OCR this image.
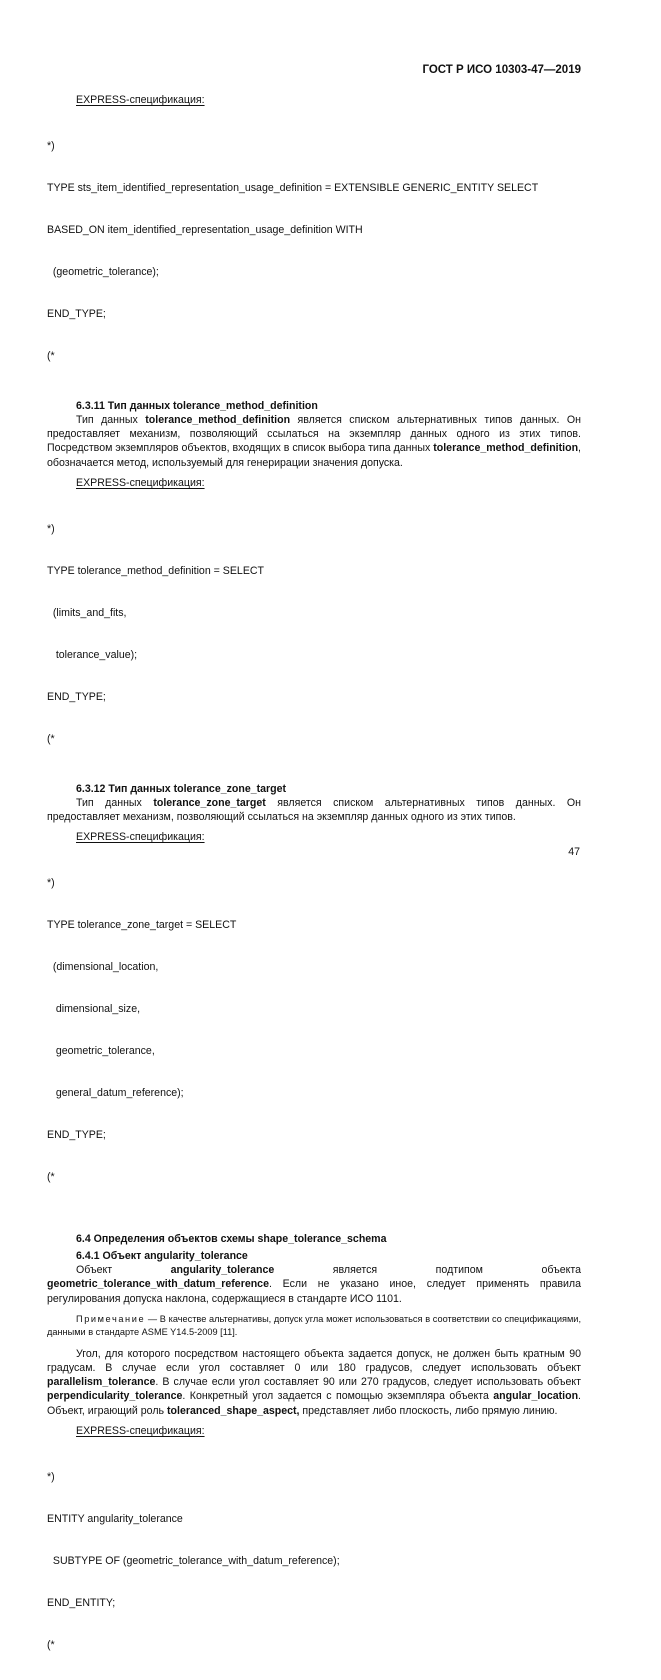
ГОСТ Р ИСО 10303-47—2019
EXPRESS-спецификация:

*)

TYPE sts_item_identified_representation_usage_definition = EXTENSIBLE GENERIC_ENTITY SELECT

BASED_ON item_identified_representation_usage_definition WITH

(geometric_tolerance);

END_TYPE;

(*

6.3.11 Тип данных tolerance_method_definition

Тип данных tolerance_method_definition является списком альтернативных типов данных. Он предоставляет механизм, позволяющий ссылаться на экземпляр данных одного из этих типов. Посредством экземпляров объектов, входящих в список выбора типа данных tolerance_method_definition, обозначается метод, используемый для генерирации значения допуска.

EXPRESS-спецификация:

*)

TYPE tolerance_method_definition = SELECT

(limits_and_fits,

tolerance_value);

END_TYPE;

(*

6.3.12 Тип данных tolerance_zone_target

Тип данных tolerance_zone_target является списком альтернативных типов данных. Он предоставляет механизм, позволяющий ссылаться на экземпляр данных одного из этих типов.

EXPRESS-спецификация:

*)

TYPE tolerance_zone_target = SELECT

(dimensional_location,

dimensional_size,

geometric_tolerance,

general_datum_reference);

END_TYPE;

(*

6.4 Определения объектов схемы shape_tolerance_schema
6.4.1 Объект angularity_tolerance

Объект angularity_tolerance является подтипом объекта geometric_tolerance_with_datum_reference. Если не указано иное, следует применять правила регулирования допуска наклона, содержащиеся в стандарте ИСО 1101.

Примечание — В качестве альтернативы, допуск угла может использоваться в соответствии со спецификациями, данными в стандарте ASME Y14.5-2009 [11].

Угол, для которого посредством настоящего объекта задается допуск, не должен быть кратным 90 градусам. В случае если угол составляет 0 или 180 градусов, следует использовать объект parallelism_tolerance. В случае если угол составляет 90 или 270 градусов, следует использовать объект perpendicularity_tolerance. Конкретный угол задается с помощью экземпляра объекта angular_location. Объект, играющий роль toleranced_shape_aspect, представляет либо плоскость, либо прямую линию.

EXPRESS-спецификация:

*)

ENTITY angularity_tolerance

SUBTYPE OF (geometric_tolerance_with_datum_reference);

END_ENTITY;

(*

47
